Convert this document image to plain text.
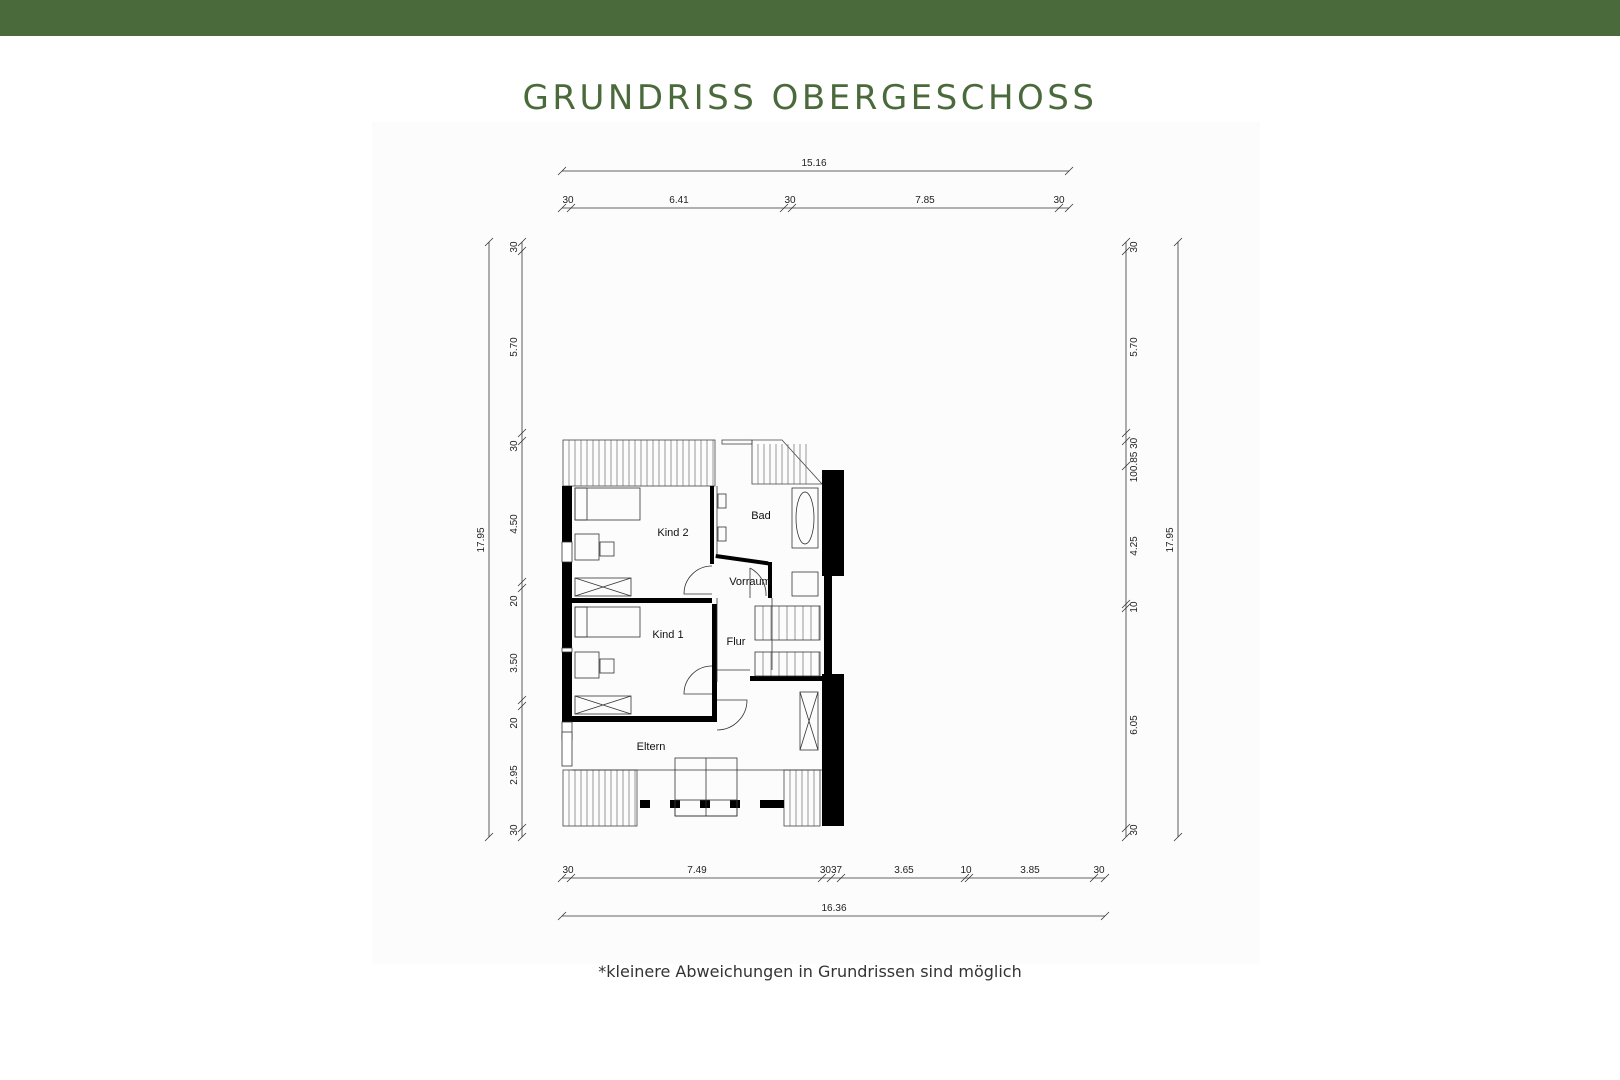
GRUNDRISS OBERGESCHOSS
15.16
30	6.41	30	7.85	30
30	7.49	3037	3.65	10	3.85	30
16.36
17.95
30
5.70
30
4.50
20
3.50
20
2.95
30
30
5.70
100.85 30
4.25
10
6.05
30
17.95
Kind 2
Bad
Vorraum
Kind 1
Flur
Eltern
*kleinere Abweichungen in Grundrissen sind möglich
